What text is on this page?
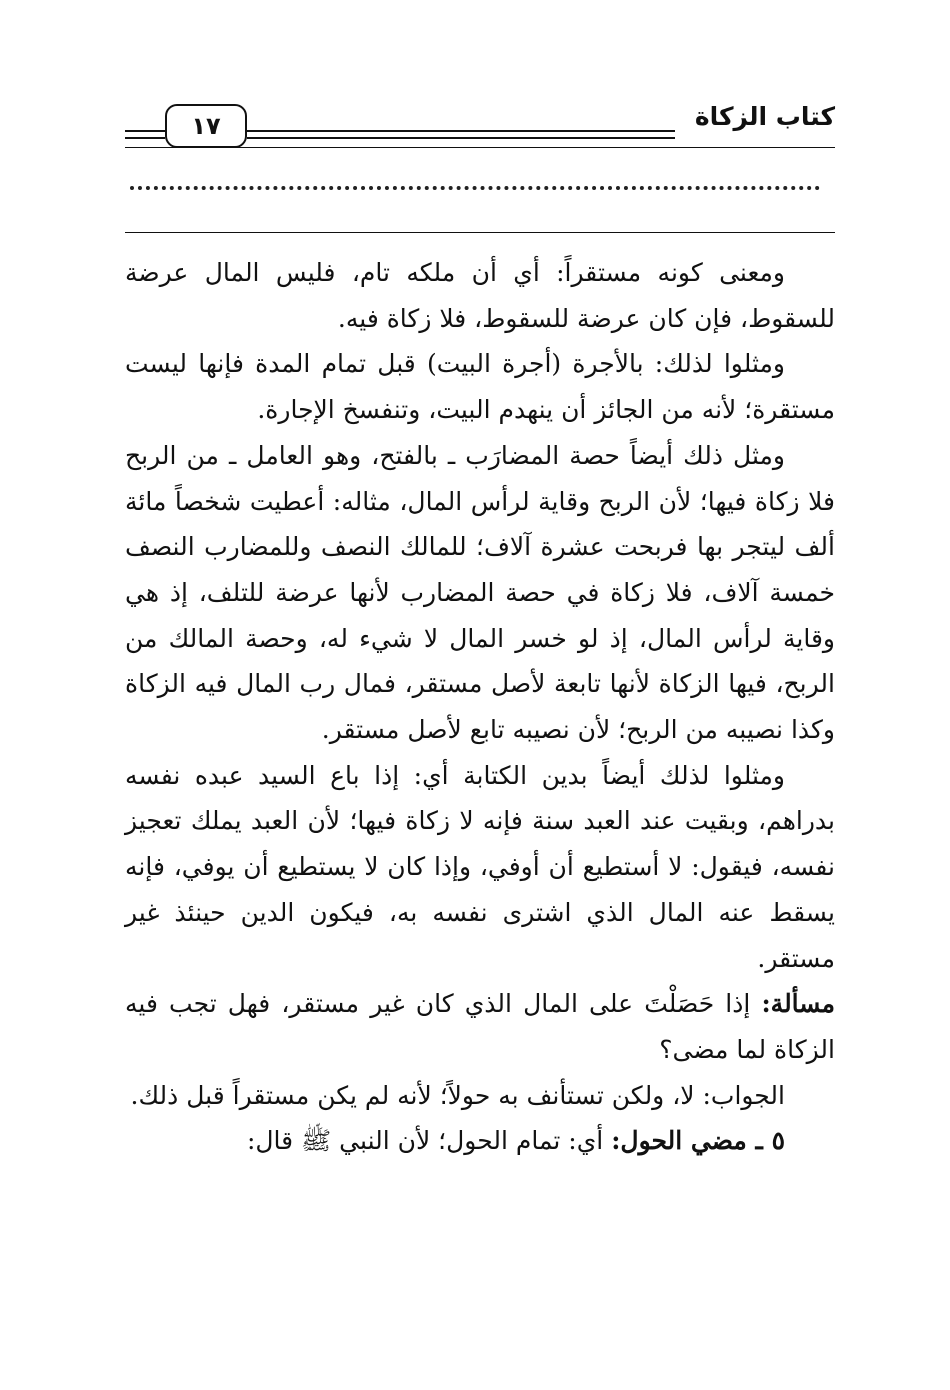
كتاب الزكاة
١٧

ومعنى كونه مستقراً: أي أن ملكه تام، فليس المال عرضة للسقوط، فإن كان عرضة للسقوط، فلا زكاة فيه.

ومثلوا لذلك: بالأجرة (أجرة البيت) قبل تمام المدة فإنها ليست مستقرة؛ لأنه من الجائز أن ينهدم البيت، وتنفسخ الإجارة.

ومثل ذلك أيضاً حصة المضارَب ـ بالفتح، وهو العامل ـ من الربح فلا زكاة فيها؛ لأن الربح وقاية لرأس المال، مثاله: أعطيت شخصاً مائة ألف ليتجر بها فربحت عشرة آلاف؛ للمالك النصف وللمضارب النصف خمسة آلاف، فلا زكاة في حصة المضارب لأنها عرضة للتلف، إذ هي وقاية لرأس المال، إذ لو خسر المال لا شيء له، وحصة المالك من الربح، فيها الزكاة لأنها تابعة لأصل مستقر، فمال رب المال فيه الزكاة وكذا نصيبه من الربح؛ لأن نصيبه تابع لأصل مستقر.

ومثلوا لذلك أيضاً بدين الكتابة أي: إذا باع السيد عبده نفسه بدراهم، وبقيت عند العبد سنة فإنه لا زكاة فيها؛ لأن العبد يملك تعجيز نفسه، فيقول: لا أستطيع أن أوفي، وإذا كان لا يستطيع أن يوفي، فإنه يسقط عنه المال الذي اشترى نفسه به، فيكون الدين حينئذ غير مستقر.

مسألة: إذا حَصَلْتَ على المال الذي كان غير مستقر، فهل تجب فيه الزكاة لما مضى؟

الجواب: لا، ولكن تستأنف به حولاً؛ لأنه لم يكن مستقراً قبل ذلك.

٥ ـ مضي الحول: أي: تمام الحول؛ لأن النبي ﷺ قال:
